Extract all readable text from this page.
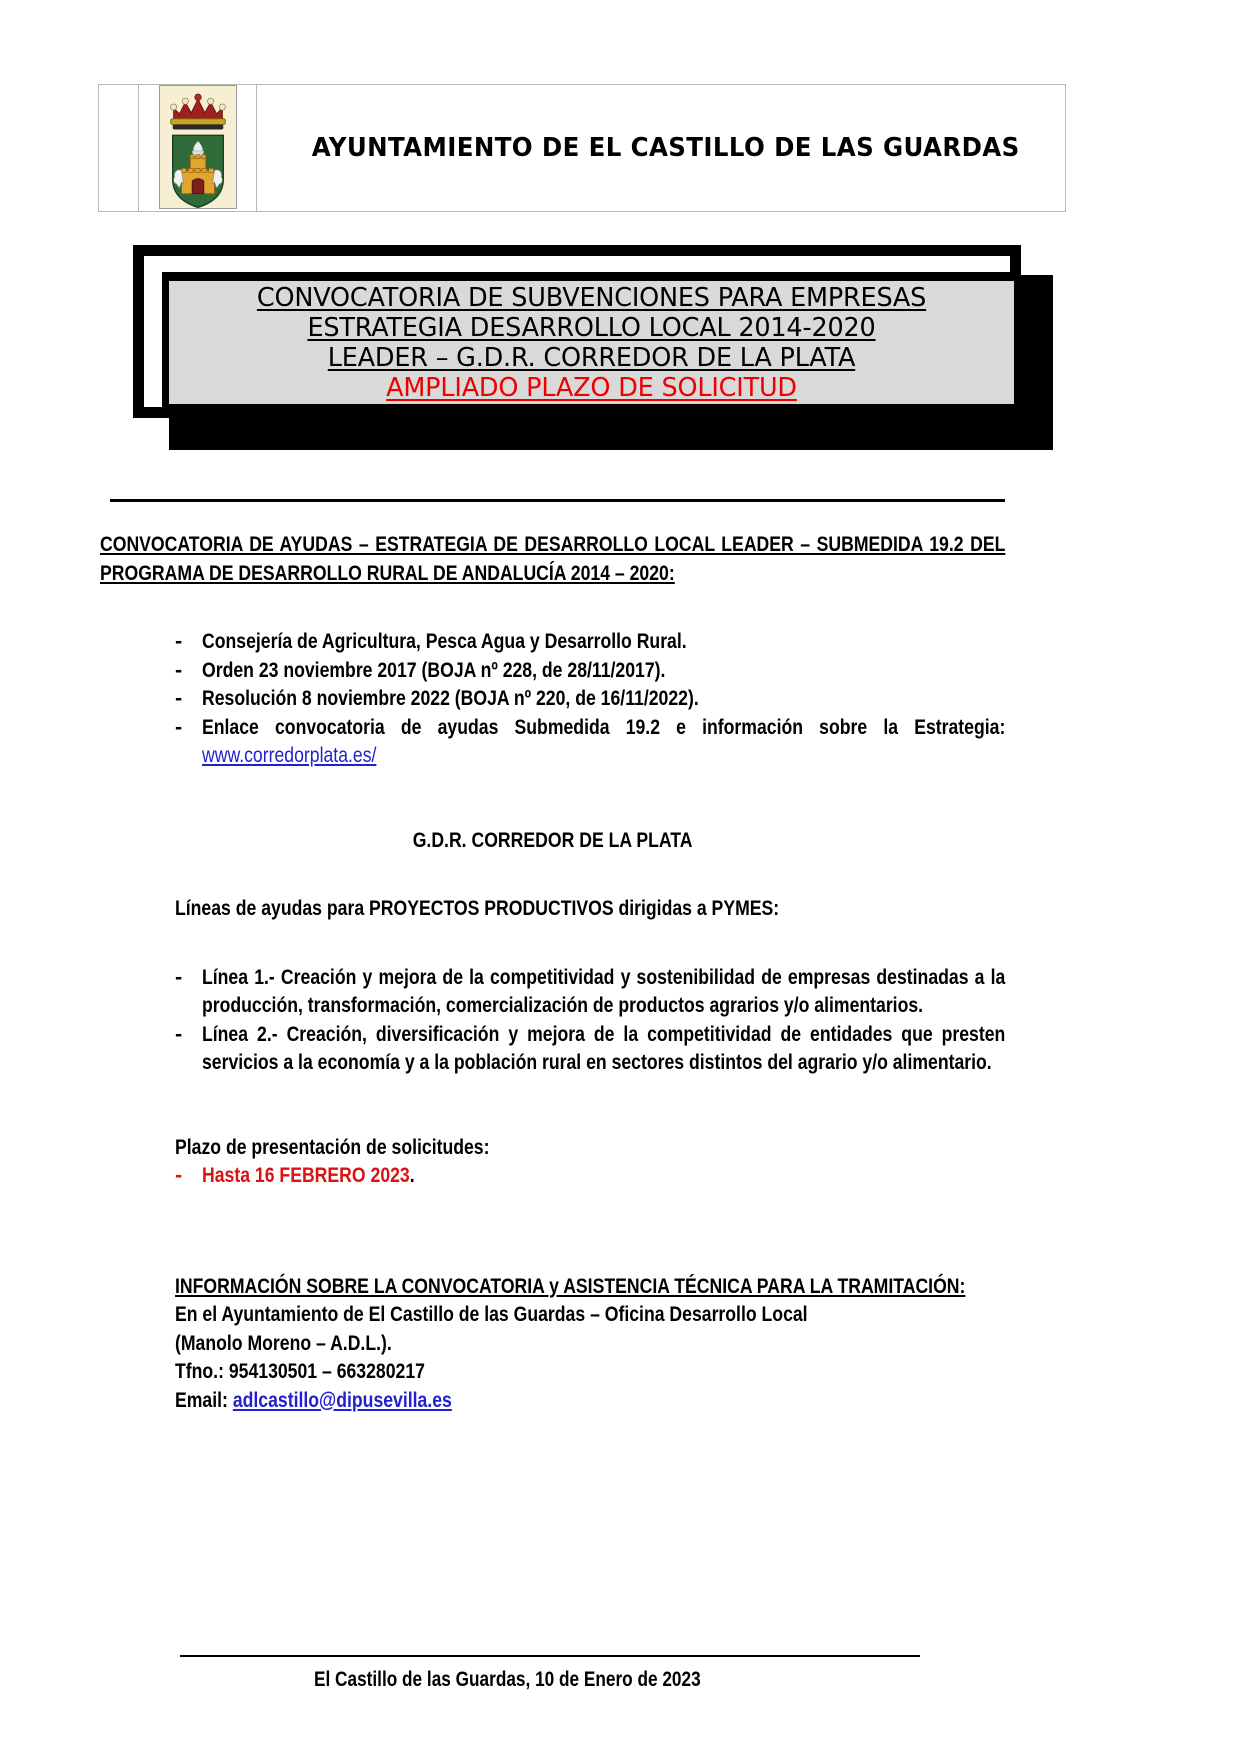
AYUNTAMIENTO DE EL CASTILLO DE LAS GUARDAS
CONVOCATORIA DE SUBVENCIONES PARA EMPRESAS
ESTRATEGIA DESARROLLO LOCAL 2014-2020
LEADER – G.D.R. CORREDOR DE LA PLATA
AMPLIADO PLAZO DE SOLICITUD
CONVOCATORIA DE AYUDAS – ESTRATEGIA DE DESARROLLO LOCAL LEADER – SUBMEDIDA 19.2 DEL PROGRAMA DE DESARROLLO RURAL DE ANDALUCÍA 2014 – 2020:
- Consejería de Agricultura, Pesca Agua y Desarrollo Rural.
- Orden 23 noviembre 2017 (BOJA nº 228, de 28/11/2017).
- Resolución 8 noviembre 2022 (BOJA nº 220, de 16/11/2022).
- Enlace convocatoria de ayudas Submedida 19.2 e información sobre la Estrategia: www.corredorplata.es/
G.D.R. CORREDOR DE LA PLATA
Líneas de ayudas para PROYECTOS PRODUCTIVOS dirigidas a PYMES:
- Línea 1.- Creación y mejora de la competitividad y sostenibilidad de empresas destinadas a la producción, transformación, comercialización de productos agrarios y/o alimentarios.
- Línea 2.- Creación, diversificación y mejora de la competitividad de entidades que presten servicios a la economía y a la población rural en sectores distintos del agrario y/o alimentario.
Plazo de presentación de solicitudes:
- Hasta 16 FEBRERO 2023.
INFORMACIÓN SOBRE LA CONVOCATORIA y ASISTENCIA TÉCNICA PARA LA TRAMITACIÓN:
En el Ayuntamiento de El Castillo de las Guardas – Oficina Desarrollo Local
(Manolo Moreno – A.D.L.).
Tfno.: 954130501 – 663280217
Email: adlcastillo@dipusevilla.es
El Castillo de las Guardas, 10 de Enero de 2023
